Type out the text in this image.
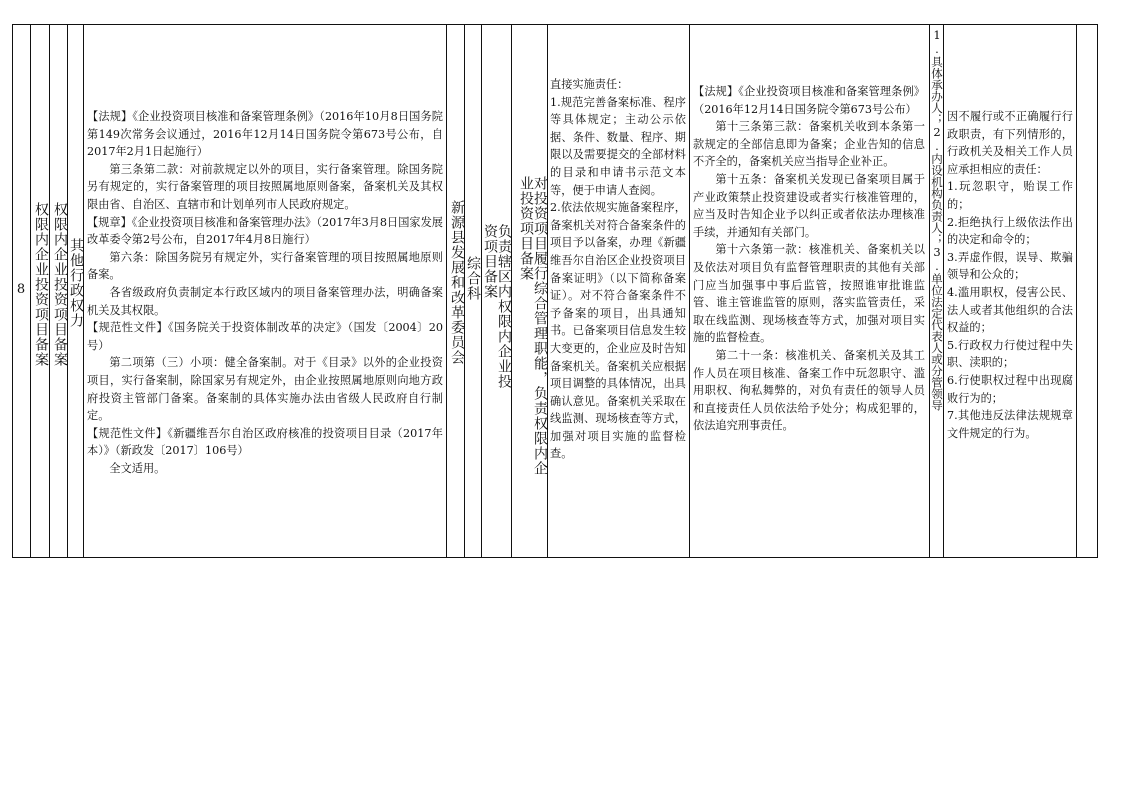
8 权限内企业投资项目备案 权限内企业投资项目备案 其他行政权力

【法规】《企业投资项目核准和备案管理条例》（2016年10月8日国务院第149次常务会议通过，2016年12月14日国务院令第673号公布，自2017年2月1日起施行）

第三条第二款：对前款规定以外的项目，实行备案管理。除国务院另有规定的，实行备案管理的项目按照属地原则备案，备案机关及其权限由省、自治区、直辖市和计划单列市人民政府规定。

【规章】《企业投资项目核准和备案管理办法》（2017年3月8日国家发展改革委令第2号公布，自2017年4月8日施行）

第六条：除国务院另有规定外，实行备案管理的项目按照属地原则备案。

各省级政府负责制定本行政区域内的项目备案管理办法，明确备案机关及其权限。

【规范性文件】《国务院关于投资体制改革的决定》（国发〔2004〕20号）

第二项第（三）小项：健全备案制。对于《目录》以外的企业投资项目，实行备案制，除国家另有规定外，由企业按照属地原则向地方政府投资主管部门备案。备案制的具体实施办法由省级人民政府自行制定。

【规范性文件】《新疆维吾尔自治区政府核准的投资项目目录（2017年本）》（新政发〔2017〕106号）

全文适用。

新源县发展和改革委员会 综合科	负责辖区内权限内企业投资项目备案	对投资项目履行综合管理职能，负责权限内企业投资项目备案

直接实施责任：

1.规范完善备案标准、程序等具体规定；主动公示依据、条件、数量、程序、期限以及需要提交的全部材料的目录和申请书示范文本等，便于申请人查阅。

2.依法依规实施备案程序，备案机关对符合备案条件的项目予以备案，办理《新疆维吾尔自治区企业投资项目备案证明》（以下简称备案证）。对不符合备案条件不予备案的项目，出具通知书。已备案项目信息发生较大变更的，企业应及时告知备案机关。备案机关应根据项目调整的具体情况，出具确认意见。备案机关采取在线监测、现场核查等方式，加强对项目实施的监督检查。

【法规】《企业投资项目核准和备案管理条例》（2016年12月14日国务院令第673号公布）

第十三条第三款：备案机关收到本条第一款规定的全部信息即为备案；企业告知的信息不齐全的，备案机关应当指导企业补正。

第十五条：备案机关发现已备案项目属于产业政策禁止投资建设或者实行核准管理的，应当及时告知企业予以纠正或者依法办理核准手续，并通知有关部门。

第十六条第一款：核准机关、备案机关以及依法对项目负有监督管理职责的其他有关部门应当加强事中事后监管，按照谁审批谁监管、谁主管谁监管的原则，落实监管责任，采取在线监测、现场核查等方式，加强对项目实施的监督检查。

第二十一条：核准机关、备案机关及其工作人员在项目核准、备案工作中玩忽职守、滥用职权、徇私舞弊的，对负有责任的领导人员和直接责任人员依法给予处分；构成犯罪的，依法追究刑事责任。

1.具体承办人；2.内设机构负责人；3.单位法定代表人或分管领导 因不履行或不正确履行行政职责，有下列情形的，行政机关及相关工作人员应承担相应的责任：

1.玩忽职守，贻误工作的；

2.拒绝执行上级依法作出的决定和命令的；

3.弄虚作假，误导、欺骗领导和公众的；

4.滥用职权，侵害公民、法人或者其他组织的合法权益的；

5.行政权力行使过程中失职、渎职的；

6.行使职权过程中出现腐败行为的；

7.其他违反法律法规规章文件规定的行为。
